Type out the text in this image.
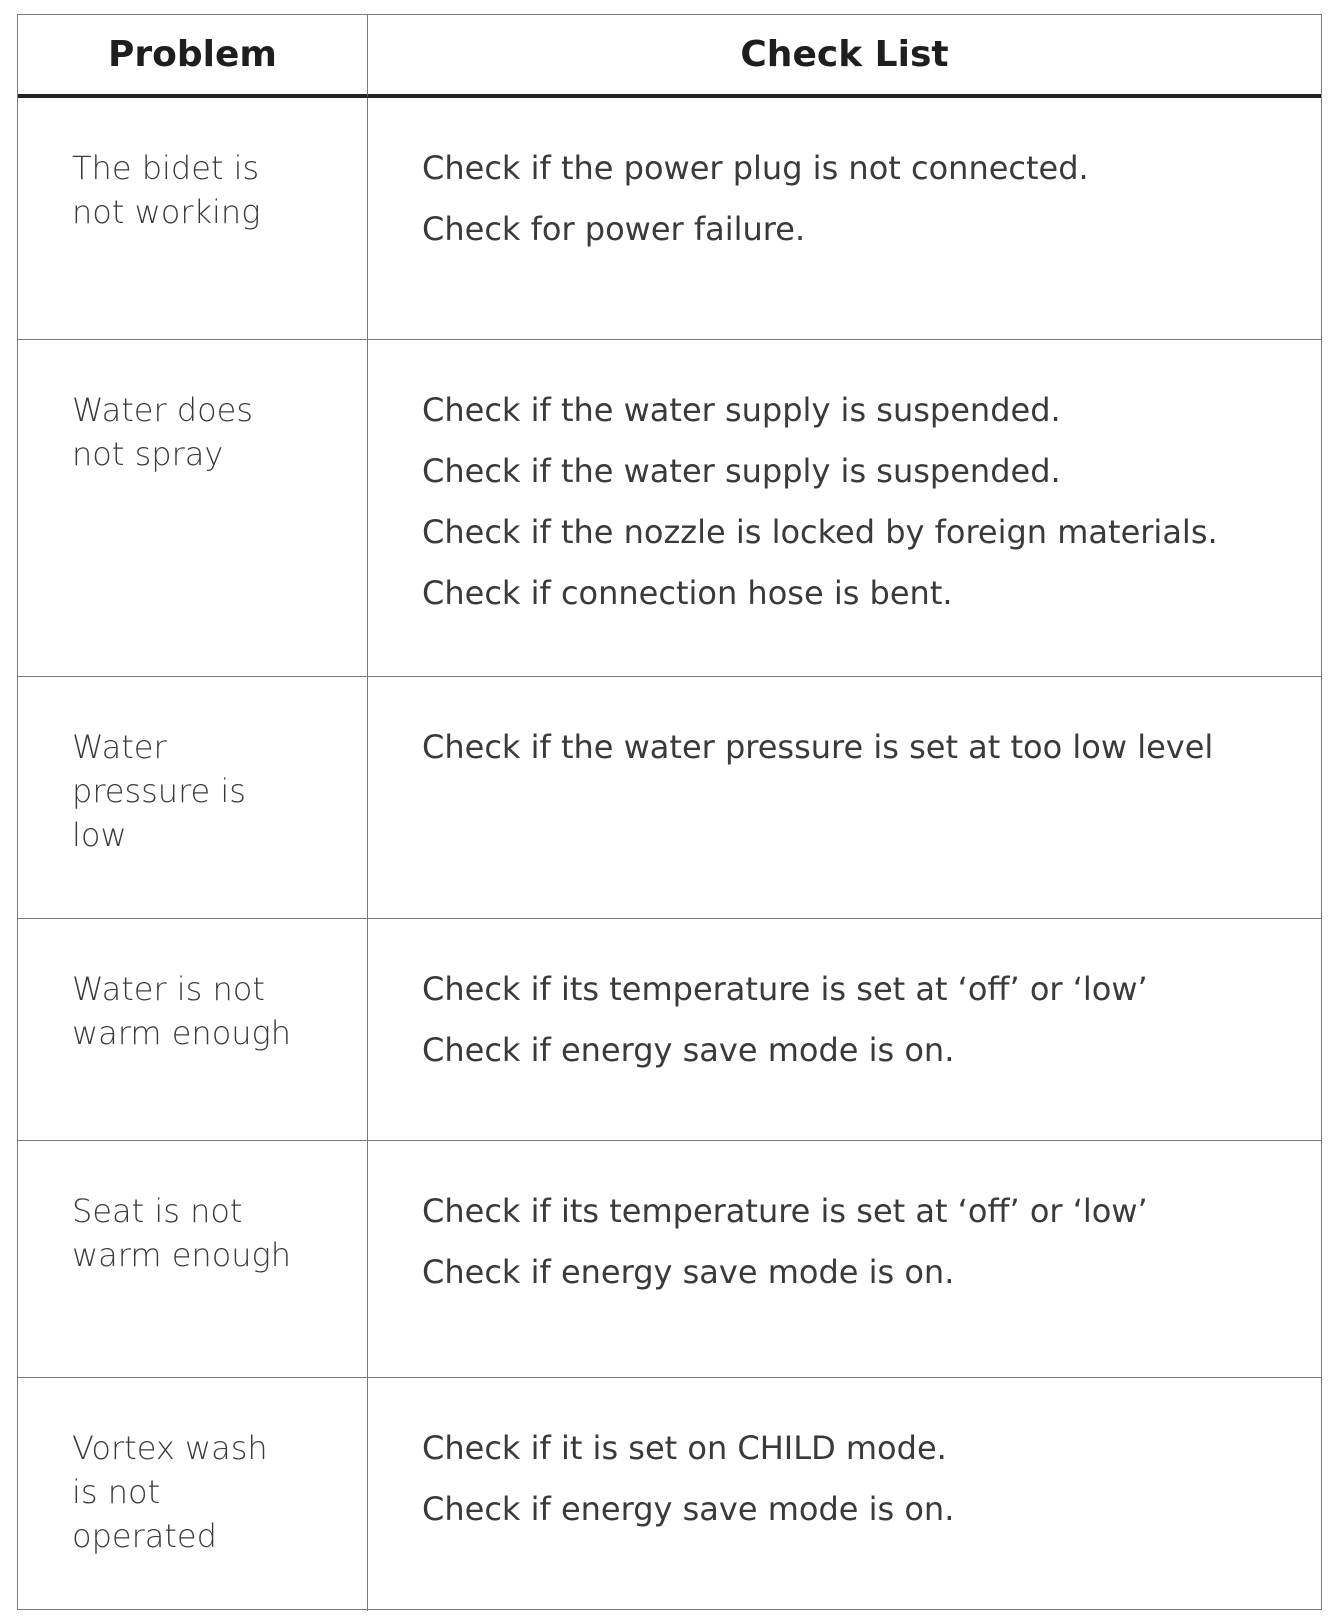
Problem	Check List
The bidet is
not working
Check if the power plug is not connected.
Check for power failure.
Water does
not spray
Check if the water supply is suspended.
Check if the water supply is suspended.
Check if the nozzle is locked by foreign materials.
Check if connection hose is bent.
Water
pressure is
low
Check if the water pressure is set at too low level
Water is not
warm enough
Check if its temperature is set at ‘off’ or ‘low’
Check if energy save mode is on.
Seat is not
warm enough
Check if its temperature is set at ‘off’ or ‘low’
Check if energy save mode is on.
Vortex wash
is not
operated
Check if it is set on CHILD mode.
Check if energy save mode is on.
